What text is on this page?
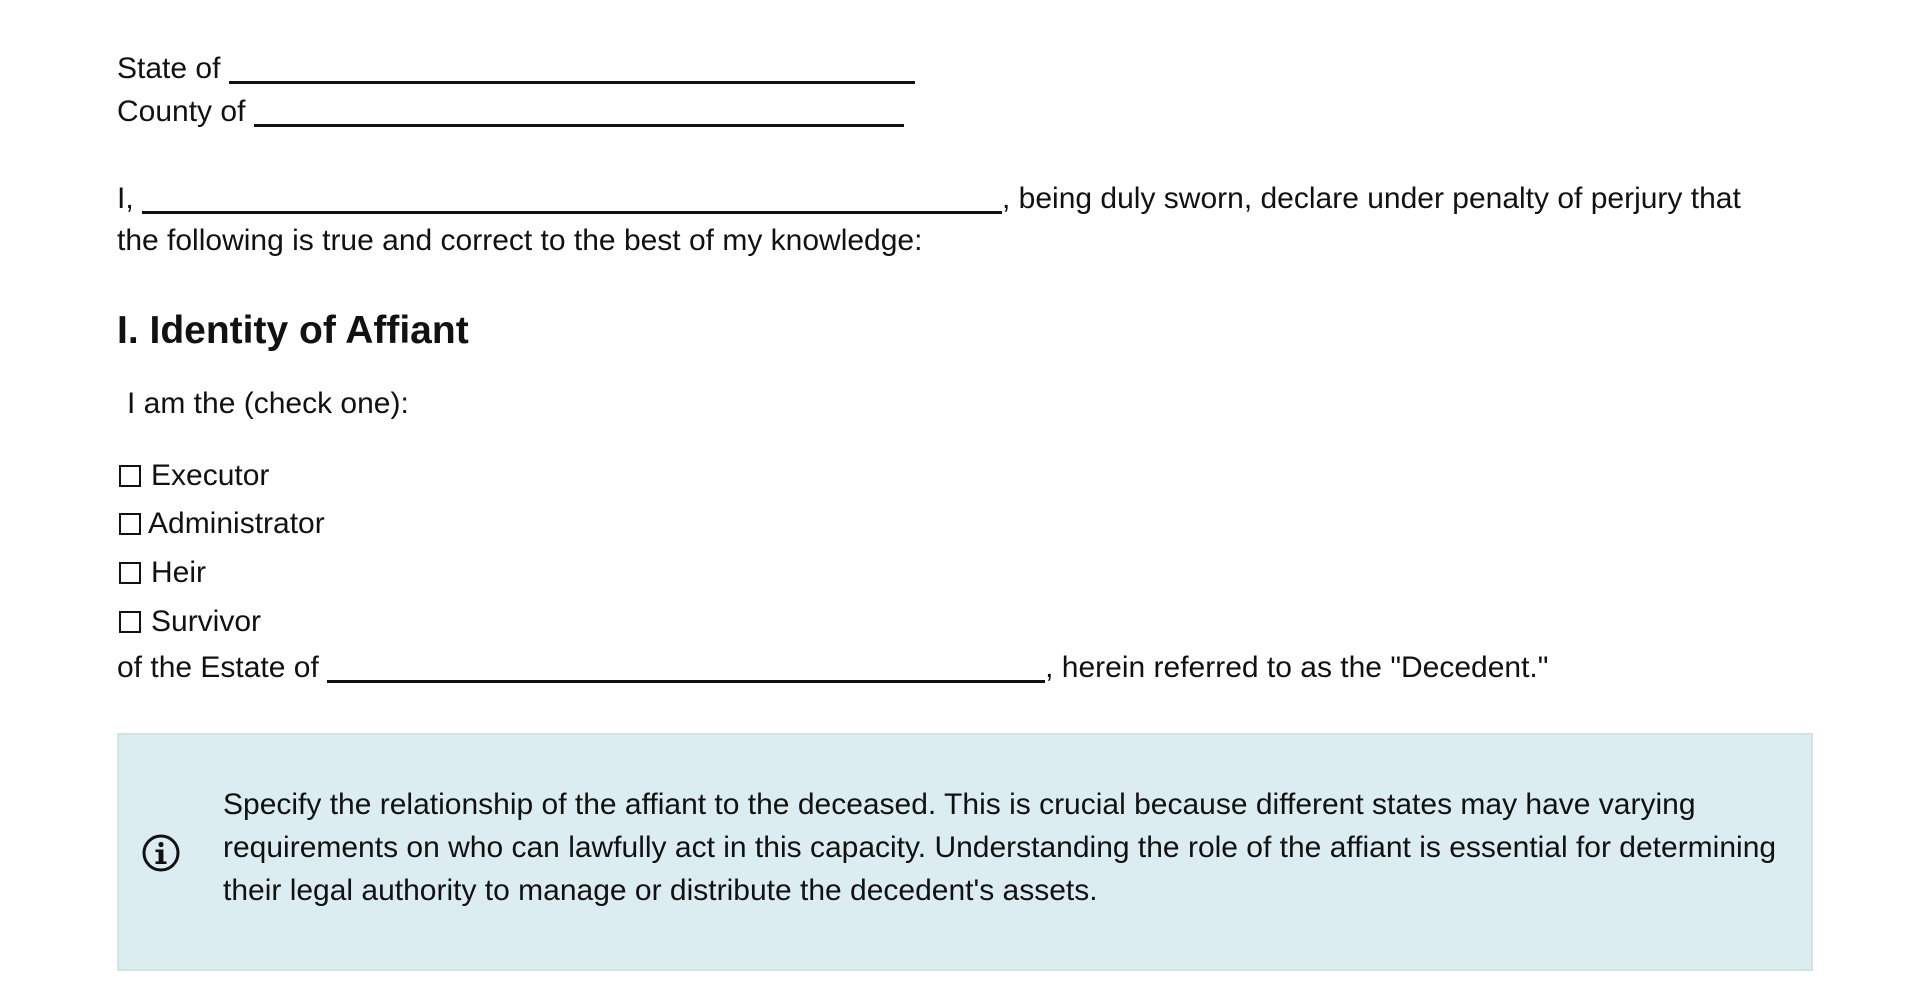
State of
County of
I,	, being duly sworn, declare under penalty of perjury that
the following is true and correct to the best of my knowledge:
I. Identity of Affiant
I am the (check one):
Executor
Administrator
Heir
Survivor
of the Estate of	, herein referred to as the "Decedent."
Specify the relationship of the affiant to the deceased. This is crucial because different states may have varying requirements on who can lawfully act in this capacity. Understanding the role of the affiant is essential for determining their legal authority to manage or distribute the decedent's assets.
